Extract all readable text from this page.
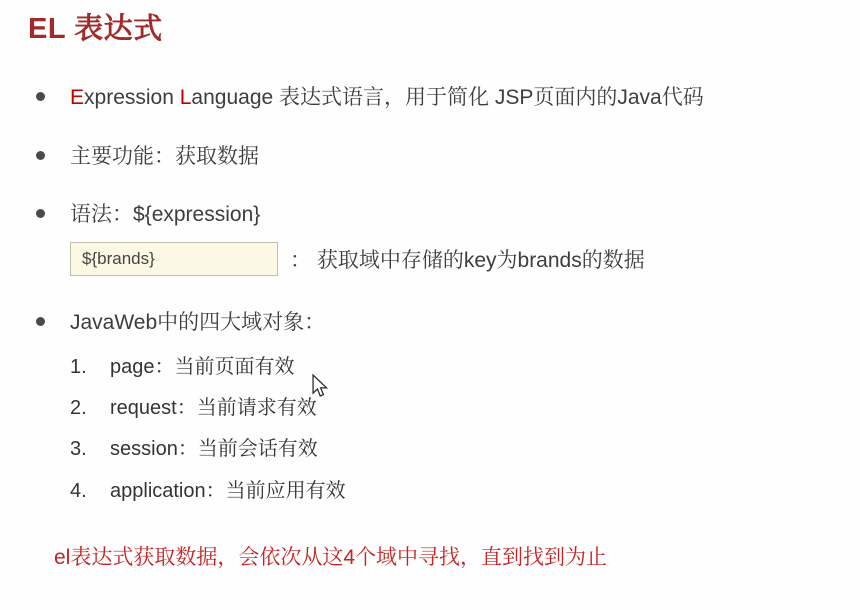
EL 表达式
Expression Language 表达式语言，用于简化 JSP页面内的Java代码
主要功能：获取数据
语法：${expression}
${brands}	： 获取域中存储的key为brands的数据
JavaWeb中的四大域对象：
1. page：当前页面有效
2. request：当前请求有效
3. session：当前会话有效
4. application：当前应用有效
el表达式获取数据，会依次从这4个域中寻找，直到找到为止
